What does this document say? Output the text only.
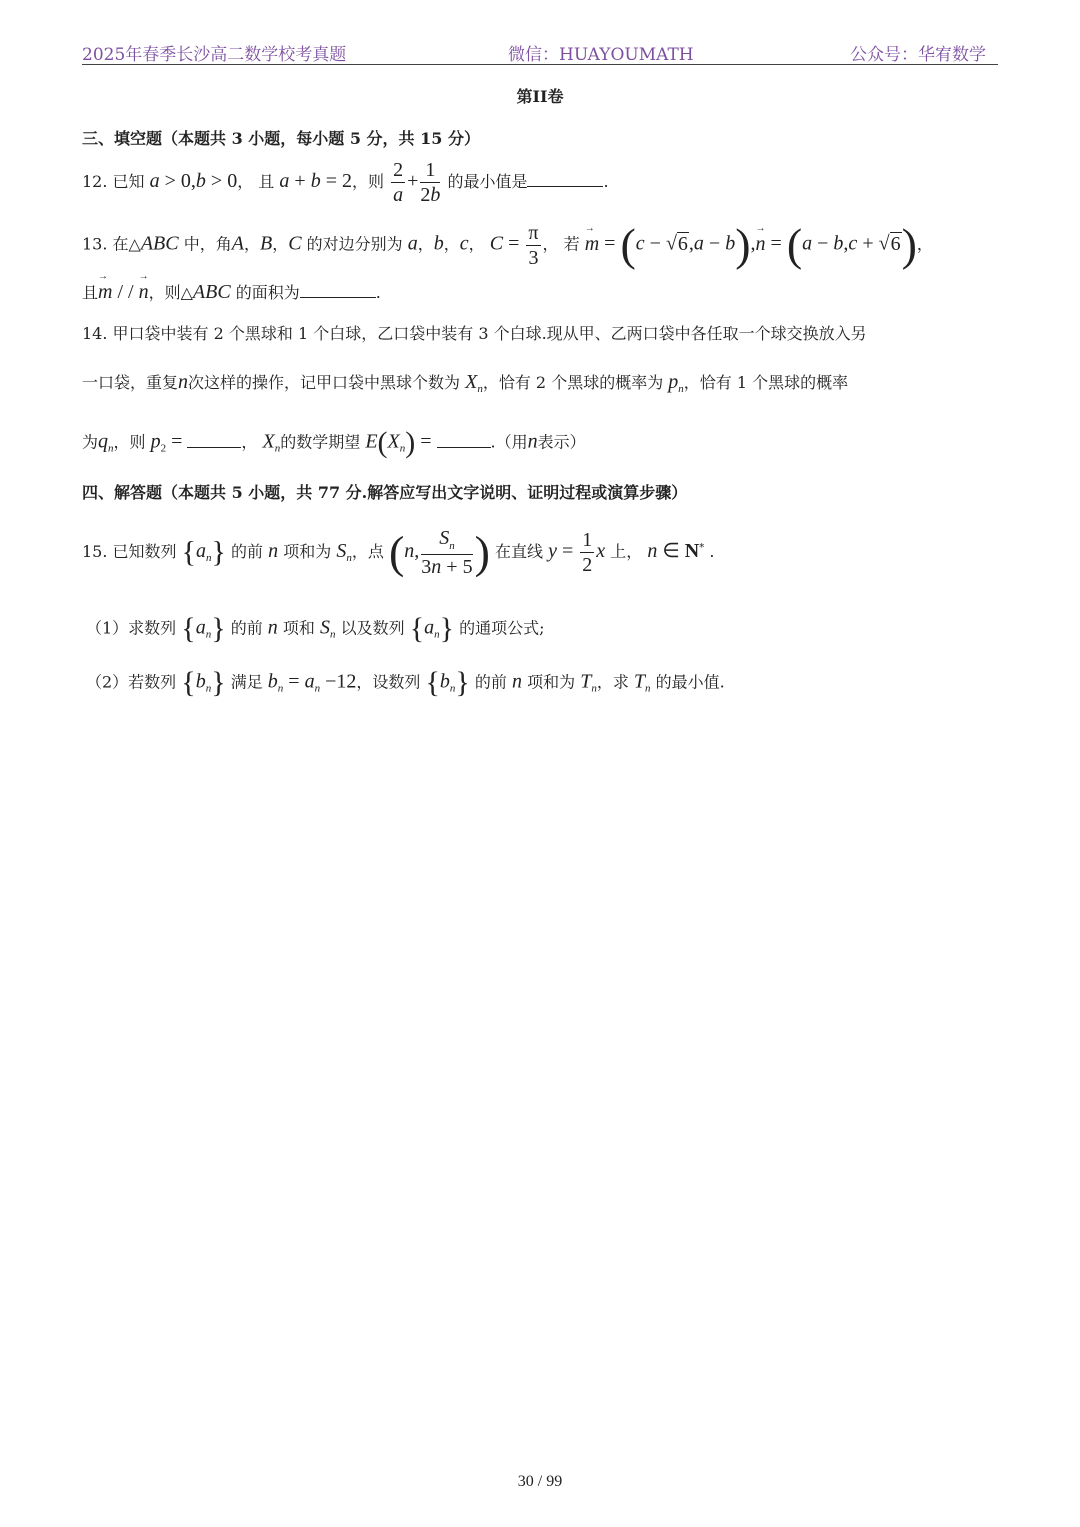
2025年春季长沙高二数学校考真题	微信：HUAYOUMATH	公众号：华宥数学
第II卷
三、填空题（本题共 3 小题，每小题 5 分，共 15 分）
12. 已知 a > 0,b > 0， 且 a + b = 2，则 $\frac{2}{a} + \frac{1}{2b}$ 的最小值是	.
13. 在△ABC 中，角A，B，C 的对边分别为 a，b，c， $C = \frac{\pi}{3}$ ， 若 → m = (c − √6,a − b),→ n = (a − b,c + √6)，
且→ m / / → n，则△ABC 的面积为	.
14. 甲口袋中装有 2 个黑球和 1 个白球，乙口袋中装有 3 个白球.现从甲、乙两口袋中各任取一个球交换放入另
一口袋，重复n次这样的操作，记甲口袋中黑球个数为 $X_n$，恰有 2 个黑球的概率为 $p_n$，恰有 1 个黑球的概率
为$q_n$，则 $p_2$ =	， $X_n$的数学期望 $E(X_n)$ =	.（用n表示）
四、解答题（本题共 5 小题，共 77 分.解答应写出文字说明、证明过程或演算步骤）
15. 已知数列 $\{a_n\}$ 的前 n 项和为 $S_n$，点 (n, $\frac{S_n}{3n + 5}$ ) 在直线 $y = \frac{1}{2}$ x 上， n ∈ N* .
（1）求数列 $\{a_n\}$ 的前 n 项和 $S_n$ 以及数列 $\{a_n\}$ 的通项公式;
（2）若数列 $\{b_n\}$ 满足 $b_n = a_n -12$，设数列 $\{b_n\}$ 的前 n 项和为 $T_n$，求 $T_n$ 的最小值.
30 / 99
